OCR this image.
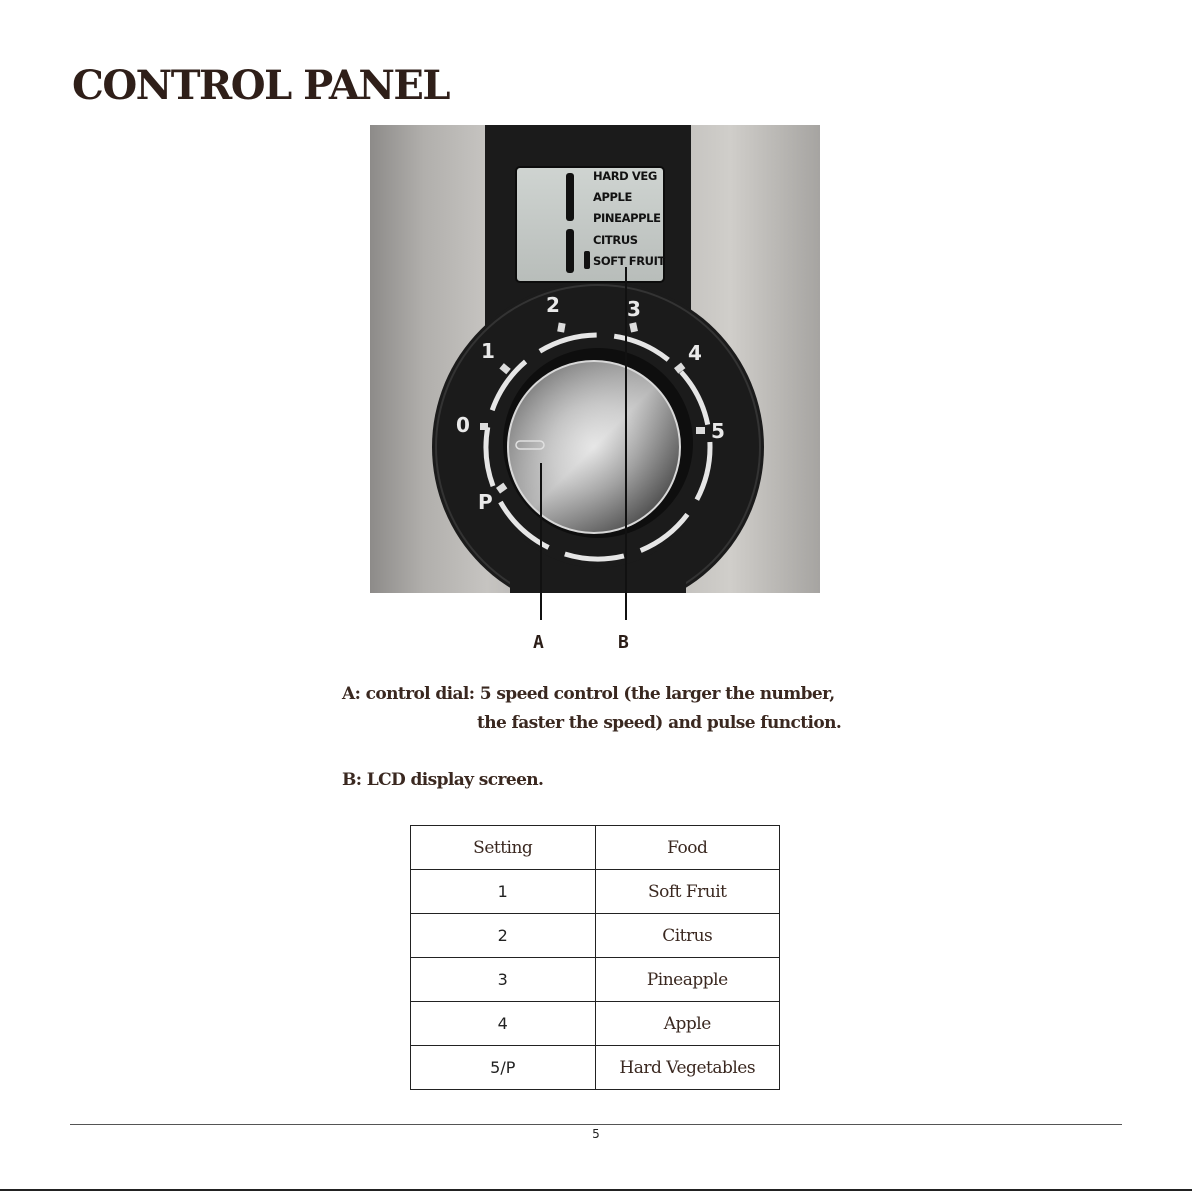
CONTROL PANEL
HARD VEG
APPLE
PINEAPPLE
CITRUS
SOFT FRUIT
P
0
1
2	3
4
5
A	B

A: control dial: 5 speed control (the larger the number,

the faster the speed) and pulse function.

B: LCD display screen.

Setting	Food
1	Soft Fruit
2	Citrus
3	Pineapple
4	Apple
5/P	Hard Vegetables
5
